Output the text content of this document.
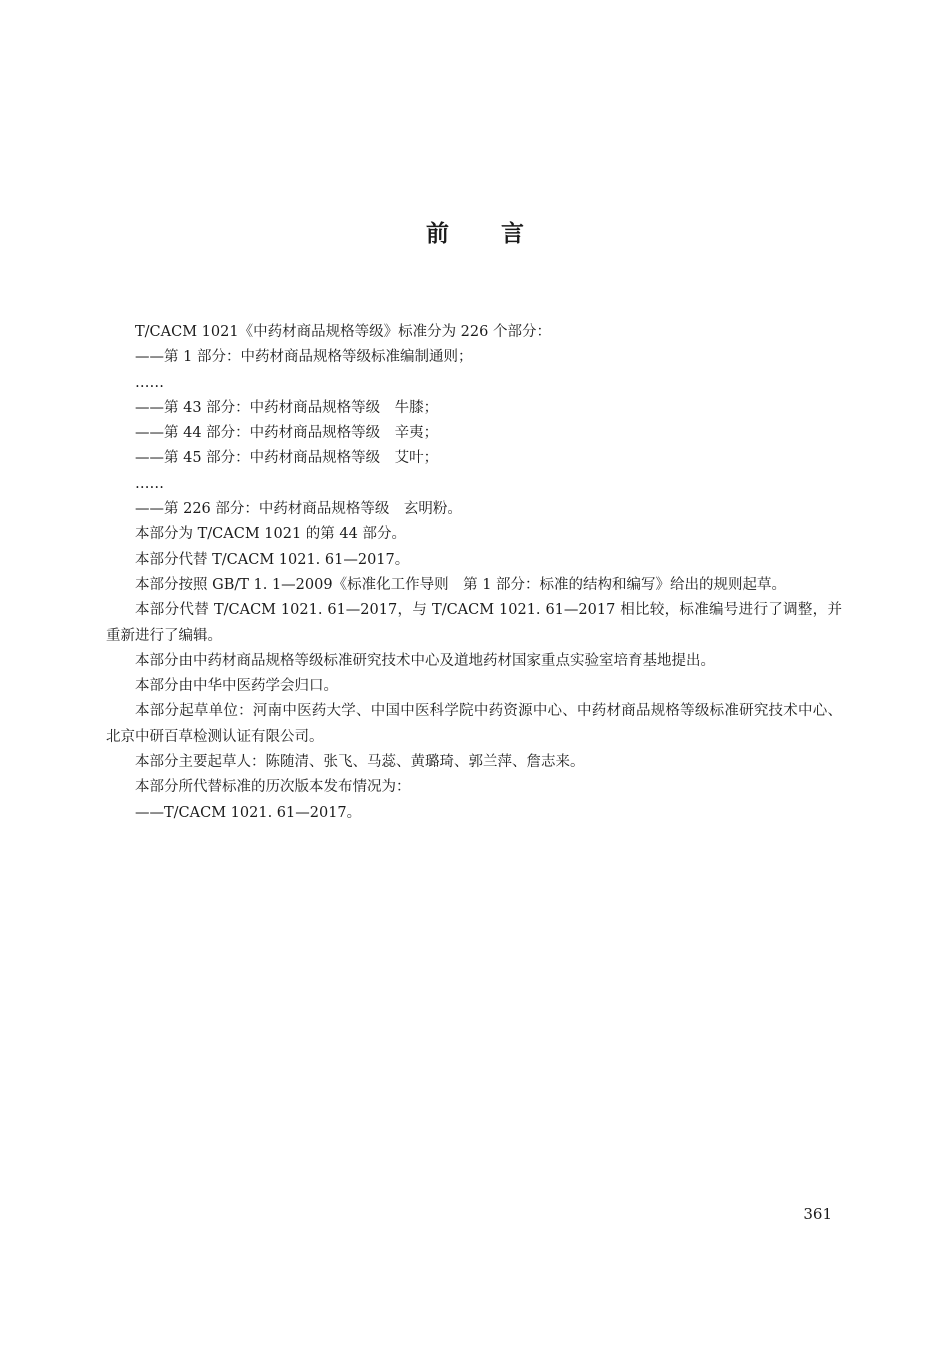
前言

T/CACM 1021《中药材商品规格等级》标准分为 226 个部分：

——第 1 部分：中药材商品规格等级标准编制通则；

……

——第 43 部分：中药材商品规格等级　牛膝；

——第 44 部分：中药材商品规格等级　辛夷；

——第 45 部分：中药材商品规格等级　艾叶；

……

——第 226 部分：中药材商品规格等级　玄明粉。

本部分为 T/CACM 1021 的第 44 部分。

本部分代替 T/CACM 1021. 61—2017。

本部分按照 GB/T 1. 1—2009《标准化工作导则　第 1 部分：标准的结构和编写》给出的规则起草。

本部分代替 T/CACM 1021. 61—2017，与 T/CACM 1021. 61—2017 相比较，标准编号进行了调整，并重新进行了编辑。

本部分由中药材商品规格等级标准研究技术中心及道地药材国家重点实验室培育基地提出。

本部分由中华中医药学会归口。

本部分起草单位：河南中医药大学、中国中医科学院中药资源中心、中药材商品规格等级标准研究技术中心、北京中研百草检测认证有限公司。

本部分主要起草人：陈随清、张飞、马蕊、黄璐琦、郭兰萍、詹志来。

本部分所代替标准的历次版本发布情况为：

——T/CACM 1021. 61—2017。

361
